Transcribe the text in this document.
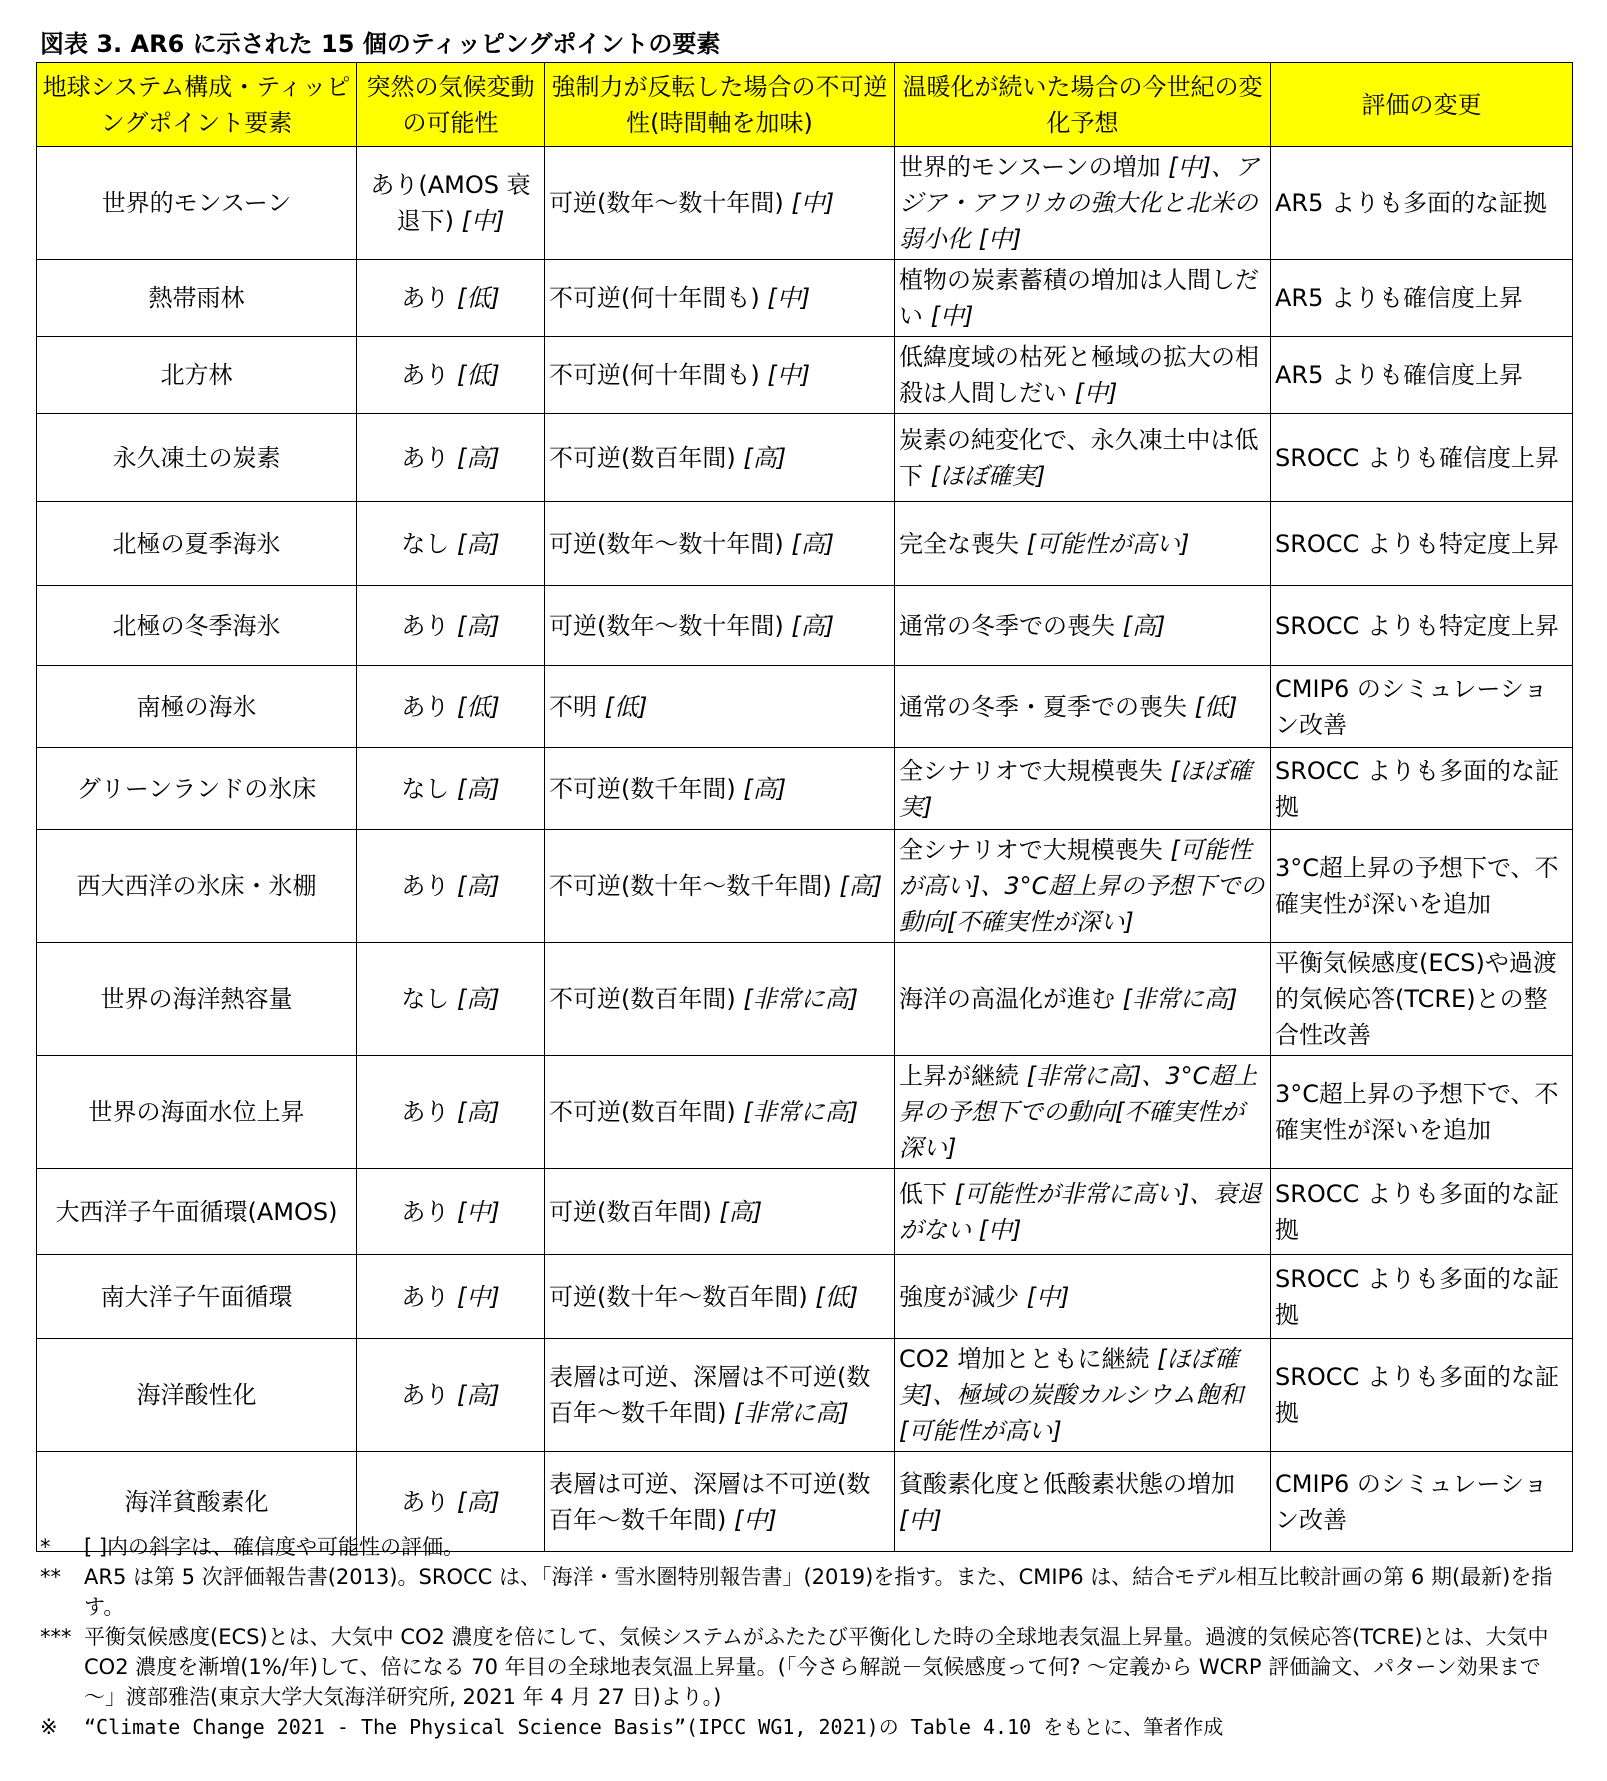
図表 3. AR6 に示された 15 個のティッピングポイントの要素
地球システム構成・ティッピングポイント要素	突然の気候変動の可能性	強制力が反転した場合の不可逆性(時間軸を加味)	温暖化が続いた場合の今世紀の変化予想	評価の変更
世界的モンスーン	あり(AMOS 衰退下) [中]	可逆(数年～数十年間) [中]	世界的モンスーンの増加 [中]、アジア・アフリカの強大化と北米の弱小化 [中]	AR5 よりも多面的な証拠
熱帯雨林	あり [低]	不可逆(何十年間も) [中]	植物の炭素蓄積の増加は人間しだい [中]	AR5 よりも確信度上昇
北方林	あり [低]	不可逆(何十年間も) [中]	低緯度域の枯死と極域の拡大の相殺は人間しだい [中]	AR5 よりも確信度上昇
永久凍土の炭素	あり [高]	不可逆(数百年間) [高]	炭素の純変化で、永久凍土中は低下 [ほぼ確実]	SROCC よりも確信度上昇
北極の夏季海氷	なし [高]	可逆(数年～数十年間) [高]	完全な喪失 [可能性が高い]	SROCC よりも特定度上昇
北極の冬季海氷	あり [高]	可逆(数年～数十年間) [高]	通常の冬季での喪失 [高]	SROCC よりも特定度上昇
南極の海氷	あり [低]	不明 [低]	通常の冬季・夏季での喪失 [低]	CMIP6 のシミュレーション改善
グリーンランドの氷床	なし [高]	不可逆(数千年間) [高]	全シナリオで大規模喪失 [ほぼ確実]	SROCC よりも多面的な証拠
西大西洋の氷床・氷棚	あり [高]	不可逆(数十年～数千年間) [高]	全シナリオで大規模喪失 [可能性が高い]、3°C超上昇の予想下での動向[不確実性が深い]	3°C超上昇の予想下で、不確実性が深いを追加
世界の海洋熱容量	なし [高]	不可逆(数百年間) [非常に高]	海洋の高温化が進む [非常に高]	平衡気候感度(ECS)や過渡的気候応答(TCRE)との整合性改善
世界の海面水位上昇	あり [高]	不可逆(数百年間) [非常に高]	上昇が継続 [非常に高]、3°C超上昇の予想下での動向[不確実性が深い]	3°C超上昇の予想下で、不確実性が深いを追加
大西洋子午面循環(AMOS)	あり [中]	可逆(数百年間) [高]	低下 [可能性が非常に高い]、衰退がない [中]	SROCC よりも多面的な証拠
南大洋子午面循環	あり [中]	可逆(数十年～数百年間) [低]	強度が減少 [中]	SROCC よりも多面的な証拠
海洋酸性化	あり [高]	表層は可逆、深層は不可逆(数百年～数千年間) [非常に高]	CO2 増加とともに継続 [ほぼ確実]、極域の炭酸カルシウム飽和 [可能性が高い]	SROCC よりも多面的な証拠
海洋貧酸素化	あり [高]	表層は可逆、深層は不可逆(数百年～数千年間) [中]	貧酸素化度と低酸素状態の増加 [中]	CMIP6 のシミュレーション改善
*	[ ]内の斜字は、確信度や可能性の評価。
**	AR5 は第 5 次評価報告書(2013)。SROCC は、「海洋・雪氷圏特別報告書」(2019)を指す。また、CMIP6 は、結合モデル相互比較計画の第 6 期(最新)を指す。
*** 平衡気候感度(ECS)とは、大気中 CO2 濃度を倍にして、気候システムがふたたび平衡化した時の全球地表気温上昇量。過渡的気候応答(TCRE)とは、大気中 CO2 濃度を漸増(1%/年)して、倍になる 70 年目の全球地表気温上昇量。(「今さら解説－気候感度って何? ～定義から WCRP 評価論文、パターン効果まで～」渡部雅浩(東京大学大気海洋研究所, 2021 年 4 月 27 日)より。)
※	“Climate Change 2021 - The Physical Science Basis”(IPCC WG1, 2021)の Table 4.10 をもとに、筆者作成
